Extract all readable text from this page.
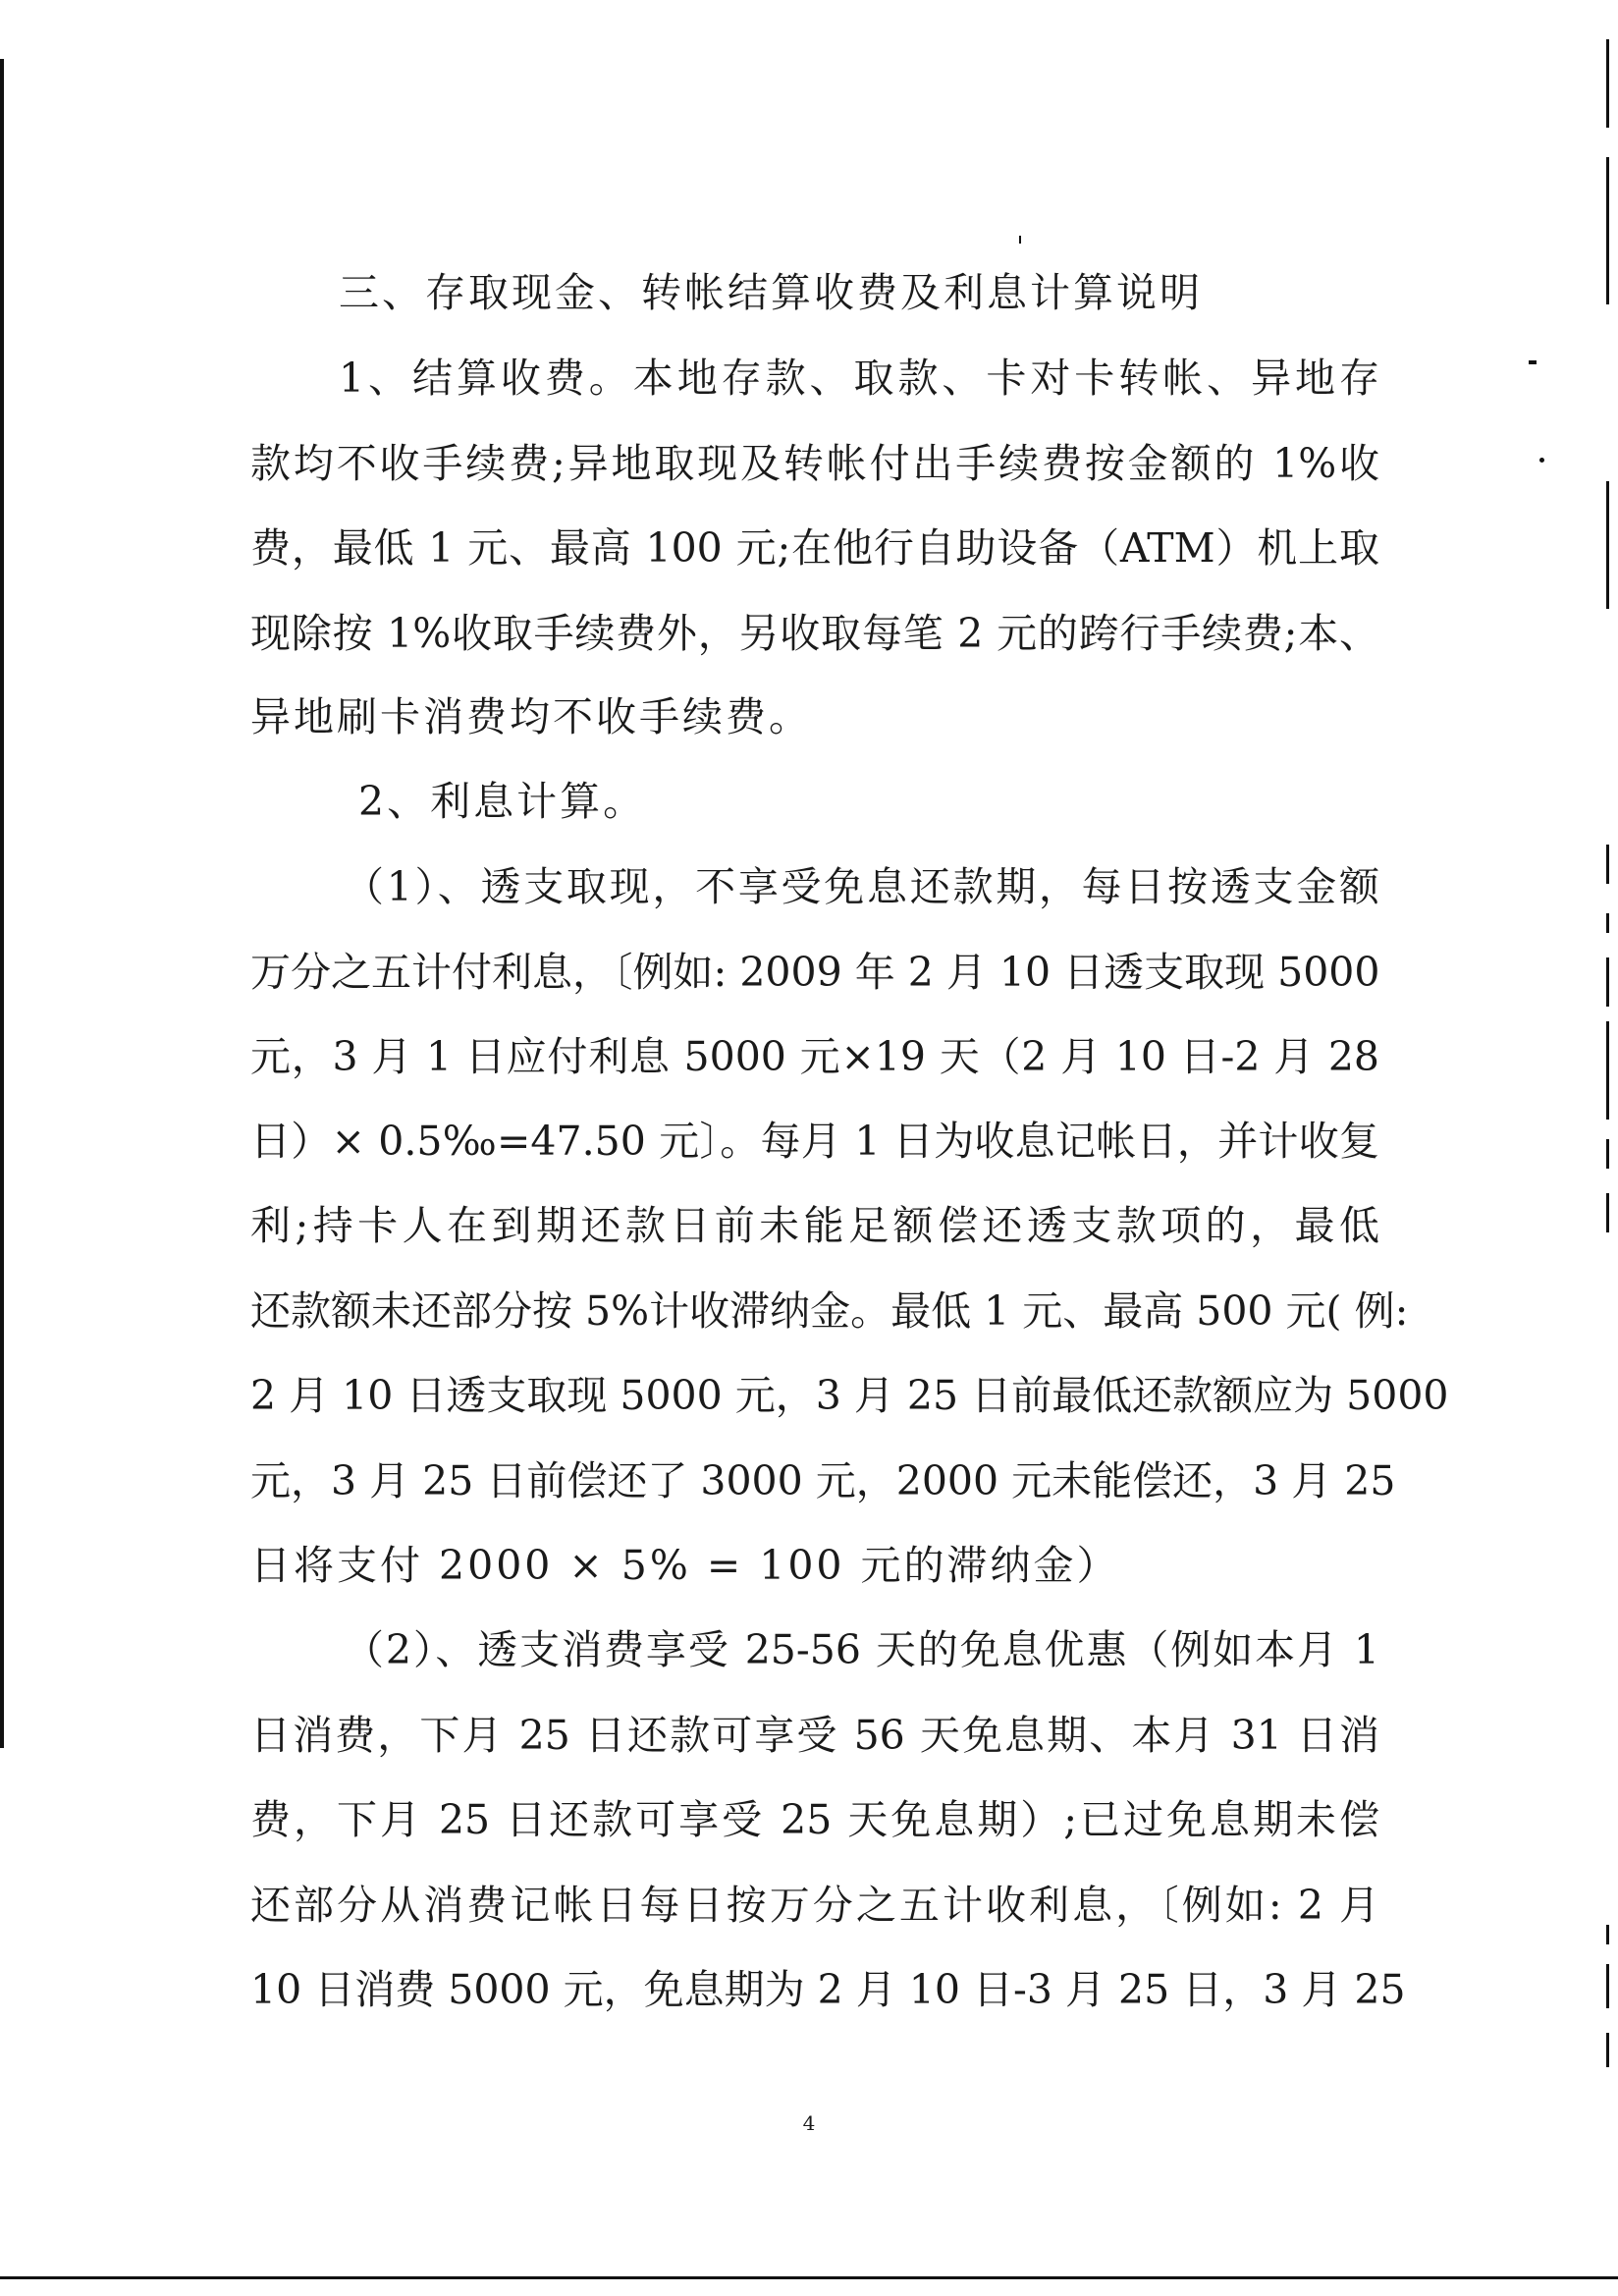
三、存取现金、转帐结算收费及利息计算说明
1、结算收费。本地存款、取款、卡对卡转帐、异地存
款均不收手续费;异地取现及转帐付出手续费按金额的 1%收
费，最低 1 元、最高 100 元;在他行自助设备（ATM）机上取
现除按 1%收取手续费外，另收取每笔 2 元的跨行手续费;本、
异地刷卡消费均不收手续费。
2、利息计算。
（1）、透支取现，不享受免息还款期，每日按透支金额
万分之五计付利息，〔例如: 2009 年 2 月 10 日透支取现 5000
元，3 月 1 日应付利息 5000 元×19 天（2 月 10 日-2 月 28
日）× 0.5‰=47.50 元〕。每月 1 日为收息记帐日，并计收复
利;持卡人在到期还款日前未能足额偿还透支款项的，最低
还款额未还部分按 5%计收滞纳金。最低 1 元、最高 500 元( 例:
2 月 10 日透支取现 5000 元，3 月 25 日前最低还款额应为 5000
元，3 月 25 日前偿还了 3000 元，2000 元未能偿还，3 月 25
日将支付 2000 × 5% = 100 元的滞纳金）
（2）、透支消费享受 25-56 天的免息优惠（例如本月 1
日消费，下月 25 日还款可享受 56 天免息期、本月 31 日消
费，下月 25 日还款可享受 25 天免息期）;已过免息期未偿
还部分从消费记帐日每日按万分之五计收利息，〔例如: 2 月
10 日消费 5000 元，免息期为 2 月 10 日-3 月 25 日，3 月 25
4
